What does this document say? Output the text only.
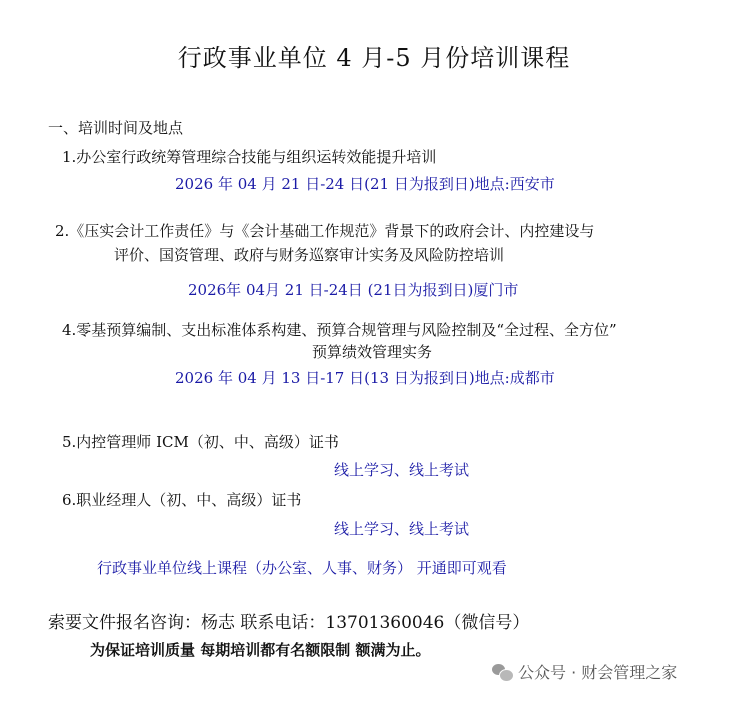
行政事业单位 4 月-5 月份培训课程
一、培训时间及地点
1.办公室行政统筹管理综合技能与组织运转效能提升培训
2026 年 04 月 21 日-24 日(21 日为报到日)地点:西安市
2.《压实会计工作责任》与《会计基础工作规范》背景下的政府会计、内控建设与
评价、国资管理、政府与财务巡察审计实务及风险防控培训
2026年 04月 21 日-24日 (21日为报到日)厦门市
4.零基预算编制、支出标准体系构建、预算合规管理与风险控制及“全过程、全方位”
预算绩效管理实务
2026 年 04 月 13 日-17 日(13 日为报到日)地点:成都市
5.内控管理师 ICM（初、中、高级）证书
线上学习、线上考试
6.职业经理人（初、中、高级）证书
线上学习、线上考试
行政事业单位线上课程（办公室、人事、财务） 开通即可观看
索要文件报名咨询：杨志 联系电话：13701360046（微信号）
为保证培训质量 每期培训都有名额限制 额满为止。
公众号 · 财会管理之家
